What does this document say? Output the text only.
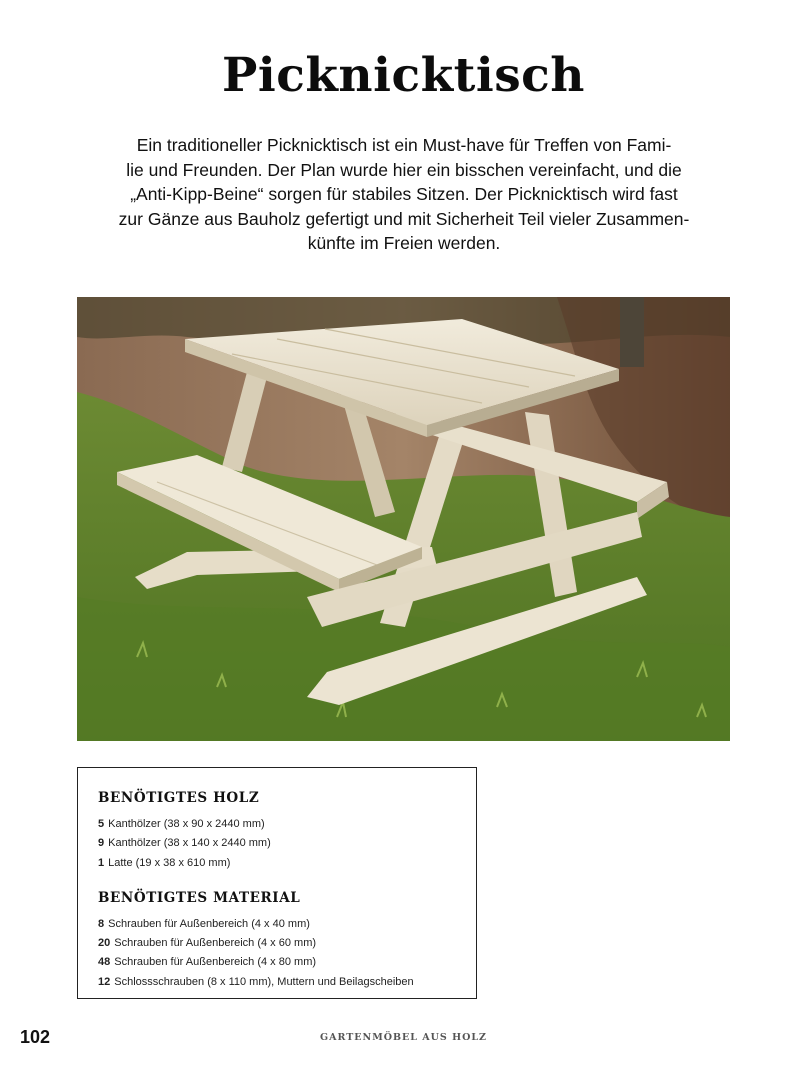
Picknicktisch

Ein traditioneller Picknicktisch ist ein Must-have für Treffen von Fami-
lie und Freunden. Der Plan wurde hier ein bisschen vereinfacht, und die
„Anti-Kipp-Beine“ sorgen für stabiles Sitzen. Der Picknicktisch wird fast
zur Gänze aus Bauholz gefertigt und mit Sicherheit Teil vieler Zusammen-
künfte im Freien werden.

BENÖTIGTES HOLZ
5 Kanthölzer (38 x 90 x 2440 mm)
9 Kanthölzer (38 x 140 x 2440 mm)
1 Latte (19 x 38 x 610 mm)
BENÖTIGTES MATERIAL
8 Schrauben für Außenbereich (4 x 40 mm)
20 Schrauben für Außenbereich (4 x 60 mm)
48 Schrauben für Außenbereich (4 x 80 mm)
12 Schlossschrauben (8 x 110 mm), Muttern und Beilagscheiben
102	GARTENMÖBEL AUS HOLZ
